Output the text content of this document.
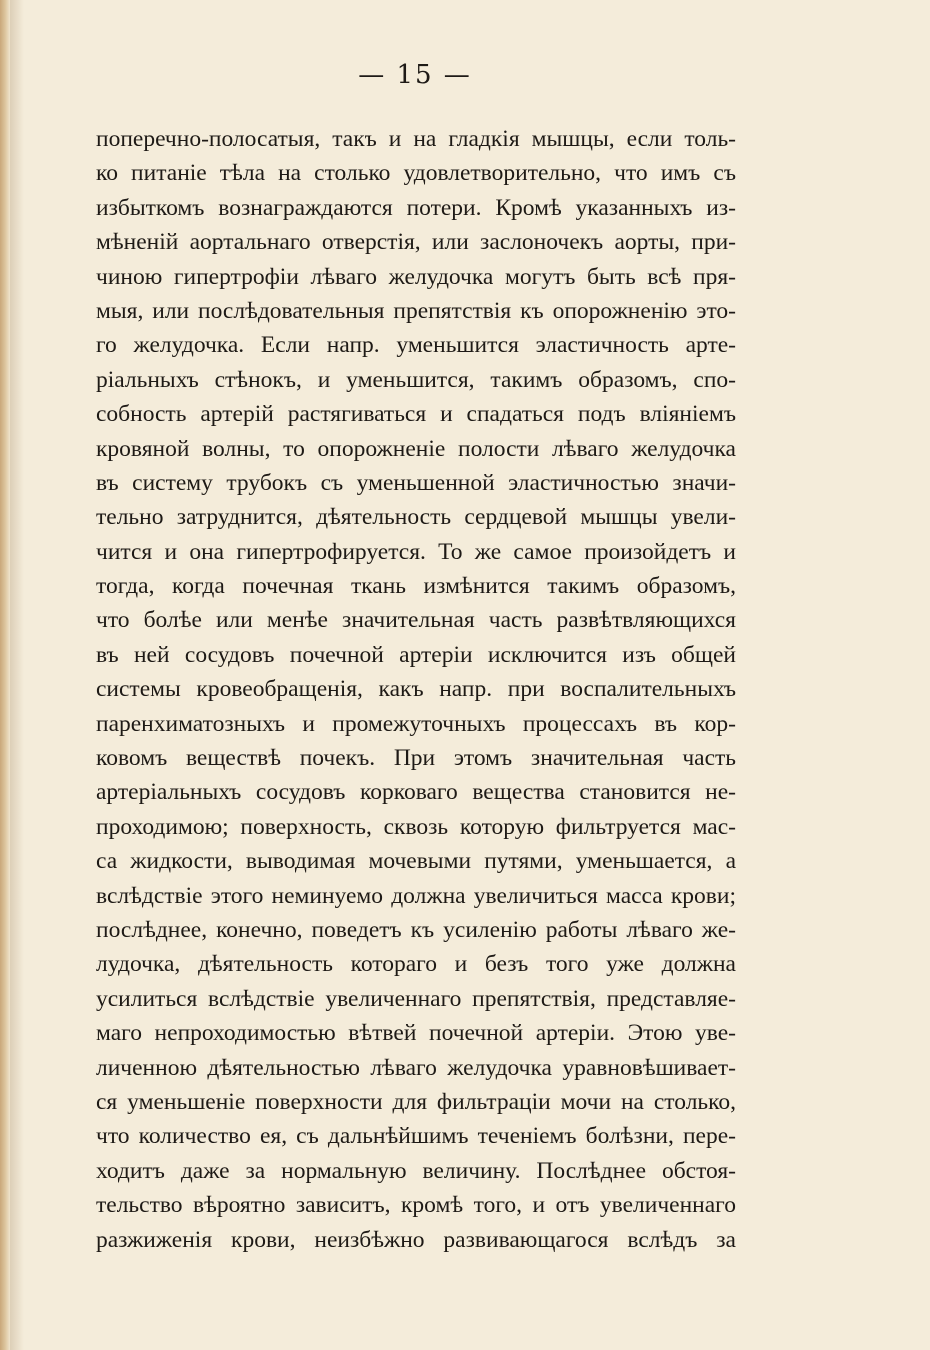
— 15 —
поперечно-полосатыя, такъ и на гладкія мышцы, если толь-
ко питаніе тѣла на столько удовлетворительно, что имъ съ
избыткомъ вознаграждаются потери. Кромѣ указанныхъ из-
мѣненій аортальнаго отверстія, или заслоночекъ аорты, при-
чиною гипертрофіи лѣваго желудочка могутъ быть всѣ пря-
мыя, или послѣдовательныя препятствія къ опорожненію это-
го желудочка. Если напр. уменьшится эластичность арте-
ріальныхъ стѣнокъ, и уменьшится, такимъ образомъ, спо-
собность артерій растягиваться и спадаться подъ вліяніемъ
кровяной волны, то опорожненіе полости лѣваго желудочка
въ систему трубокъ съ уменьшенной эластичностью значи-
тельно затруднится, дѣятельность сердцевой мышцы увели-
чится и она гипертрофируется. То же самое произойдетъ и
тогда, когда почечная ткань измѣнится такимъ образомъ,
что болѣе или менѣе значительная часть развѣтвляющихся
въ ней сосудовъ почечной артеріи исключится изъ общей
системы кровеобращенія, какъ напр. при воспалительныхъ
паренхиматозныхъ и промежуточныхъ процессахъ въ кор-
ковомъ веществѣ почекъ. При этомъ значительная часть
артеріальныхъ сосудовъ корковаго вещества становится не-
проходимою; поверхность, сквозь которую фильтруется мас-
са жидкости, выводимая мочевыми путями, уменьшается, а
вслѣдствіе этого неминуемо должна увеличиться масса крови;
послѣднее, конечно, поведетъ къ усиленію работы лѣваго же-
лудочка, дѣятельность котораго и безъ того уже должна
усилиться вслѣдствіе увеличеннаго препятствія, представляе-
маго непроходимостью вѣтвей почечной артеріи. Этою уве-
личенною дѣятельностью лѣваго желудочка уравновѣшивает-
ся уменьшеніе поверхности для фильтраціи мочи на столько,
что количество ея, съ дальнѣйшимъ теченіемъ болѣзни, пере-
ходитъ даже за нормальную величину. Послѣднее обстоя-
тельство вѣроятно зависитъ, кромѣ того, и отъ увеличеннаго
разжиженія крови, неизбѣжно развивающагося вслѣдъ за
